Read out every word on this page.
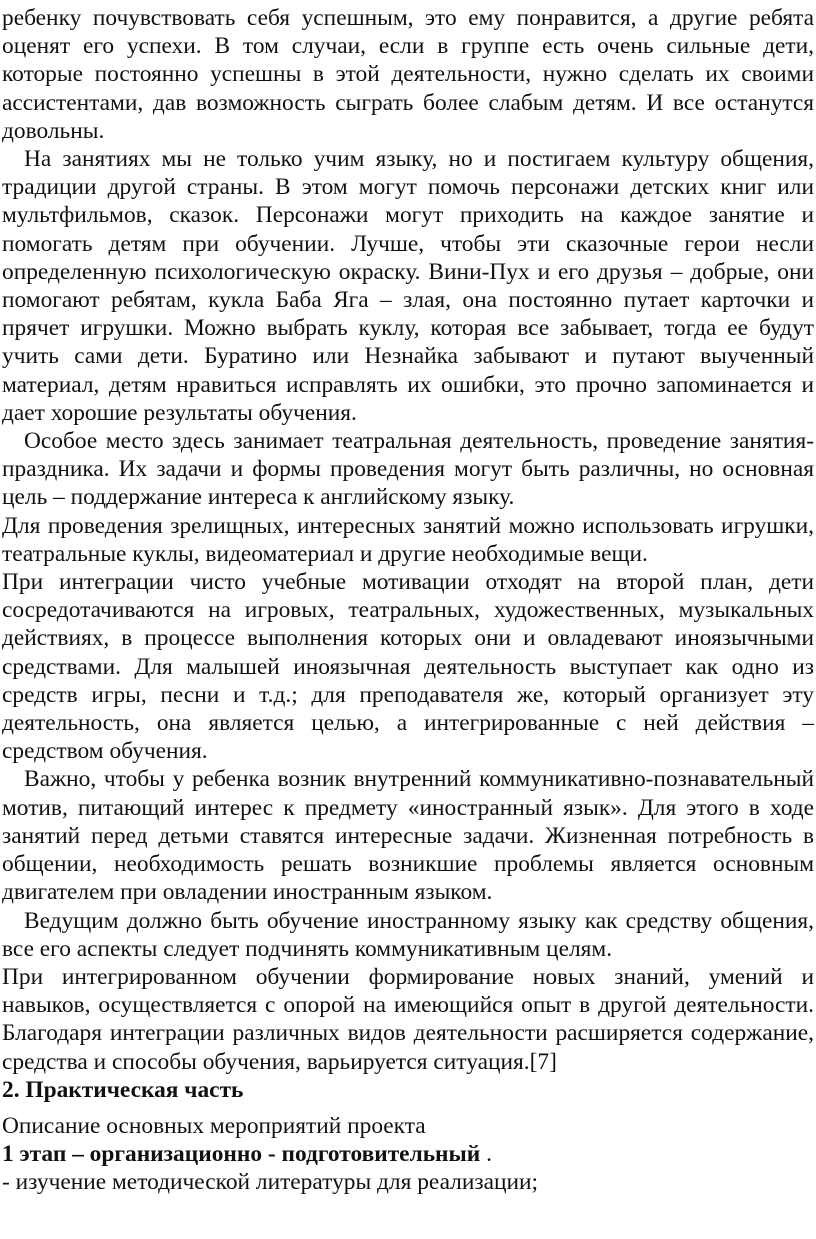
ребенку почувствовать себя успешным, это ему понравится, а другие ребята оценят его успехи. В том случаи, если в группе есть очень сильные дети, которые постоянно успешны в этой деятельности, нужно сделать их своими ассистентами, дав возможность сыграть более слабым детям. И все останутся довольны.

На занятиях мы не только учим языку, но и постигаем культуру общения, традиции другой страны. В этом могут помочь персонажи детских книг или мультфильмов, сказок. Персонажи могут приходить на каждое занятие и помогать детям при обучении. Лучше, чтобы эти сказочные герои несли определенную психологическую окраску. Вини-Пух и его друзья – добрые, они помогают ребятам, кукла Баба Яга – злая, она постоянно путает карточки и прячет игрушки. Можно выбрать куклу, которая все забывает, тогда ее будут учить сами дети. Буратино или Незнайка забывают и путают выученный материал, детям нравиться исправлять их ошибки, это прочно запоминается и дает хорошие результаты обучения.

Особое место здесь занимает театральная деятельность, проведение занятия-праздника. Их задачи и формы проведения могут быть различны, но основная цель – поддержание интереса к английскому языку.

Для проведения зрелищных, интересных занятий можно использовать игрушки, театральные куклы, видеоматериал и другие необходимые вещи.

При интеграции чисто учебные мотивации отходят на второй план, дети сосредотачиваются на игровых, театральных, художественных, музыкальных действиях, в процессе выполнения которых они и овладевают иноязычными средствами. Для малышей иноязычная деятельность выступает как одно из средств игры, песни и т.д.; для преподавателя же, который организует эту деятельность, она является целью, а интегрированные с ней действия – средством обучения.

Важно, чтобы у ребенка возник внутренний коммуникативно-познавательный мотив, питающий интерес к предмету «иностранный язык». Для этого в ходе занятий перед детьми ставятся интересные задачи. Жизненная потребность в общении, необходимость решать возникшие проблемы является основным двигателем при овладении иностранным языком.

Ведущим должно быть обучение иностранному языку как средству общения, все его аспекты следует подчинять коммуникативным целям.

При интегрированном обучении формирование новых знаний, умений и навыков, осуществляется с опорой на имеющийся опыт в другой деятельности. Благодаря интеграции различных видов деятельности расширяется содержание, средства и способы обучения, варьируется ситуация.[7]

2. Практическая часть

Описание основных мероприятий проекта

1 этап – организационно - подготовительный .

- изучение методической литературы для реализации;
